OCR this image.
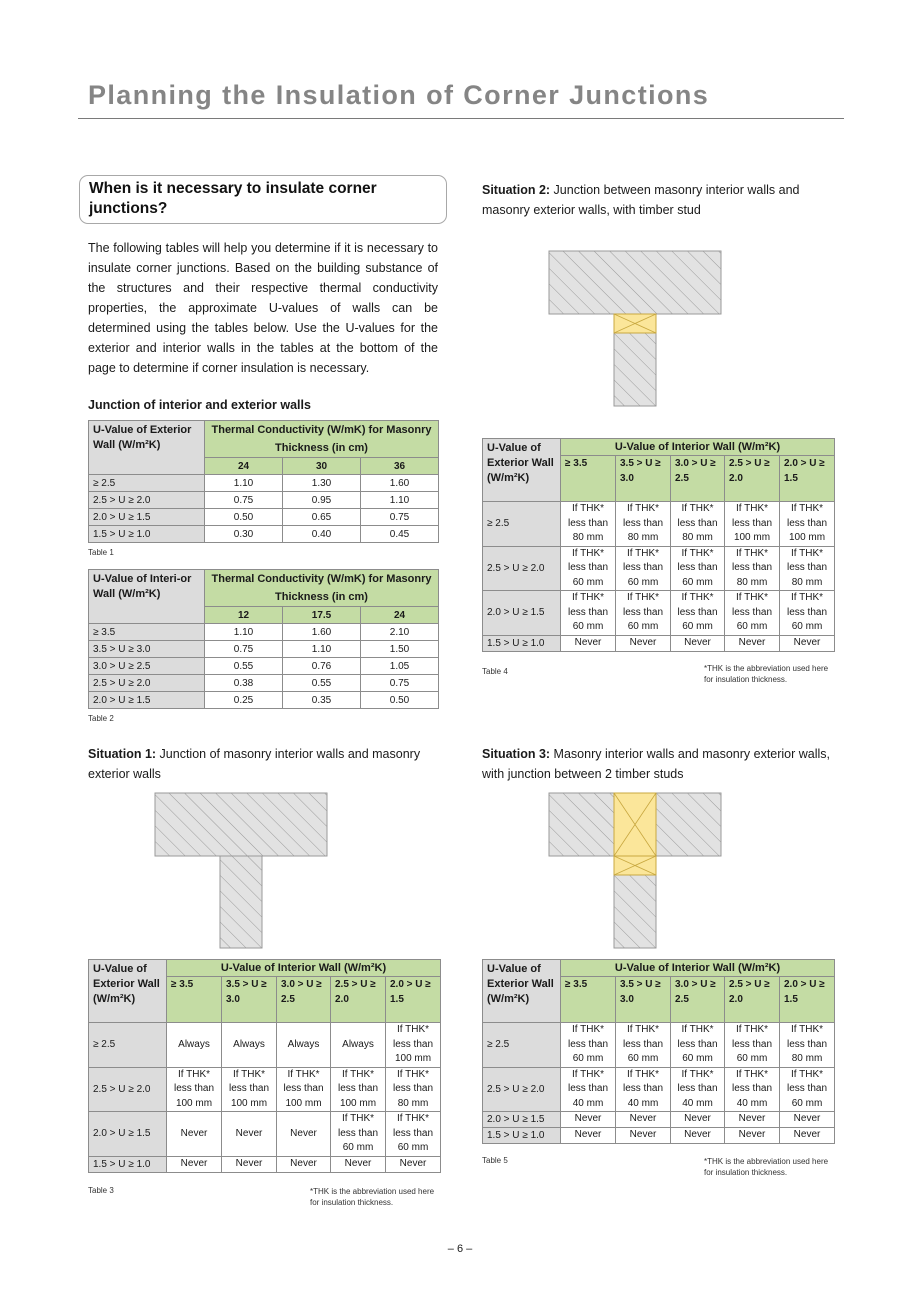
Planning the Insulation of Corner Junctions
When is it necessary to insulate corner junctions?
The following tables will help you determine if it is necessary to insulate corner junctions. Based on the building substance of the structures and their respective thermal conductivity properties, the approximate U-values of walls can be determined using the tables below. Use the U-values for the exterior and interior walls in the tables at the bottom of the page to determine if corner insulation is necessary.
Junction of interior and exterior walls
U-Value of Exterior Wall (W/m²K)	Thermal Conductivity (W/mK) for Masonry Thickness (in cm)		
	24	30	36
≥ 2.5	1.10	1.30	1.60
2.5 > U ≥ 2.0	0.75	0.95	1.10
2.0 > U ≥ 1.5	0.50	0.65	0.75
1.5 > U ≥ 1.0	0.30	0.40	0.45
Table 1
U-Value of Interi-or Wall (W/m²K)	Thermal Conductivity (W/mK) for Masonry Thickness (in cm)		
	12	17.5	24
≥ 3.5	1.10	1.60	2.10
3.5 > U ≥ 3.0	0.75	1.10	1.50
3.0 > U ≥ 2.5	0.55	0.76	1.05
2.5 > U ≥ 2.0	0.38	0.55	0.75
2.0 > U ≥ 1.5	0.25	0.35	0.50
Table 2
Situation 1: Junction of masonry interior walls and masonry exterior walls
U-Value of Exterior Wall (W/m²K)	U-Value of Interior Wall (W/m²K)				
	≥ 3.5	3.5 > U ≥ 3.0	3.0 > U ≥ 2.5	2.5 > U ≥ 2.0	2.0 > U ≥ 1.5
≥ 2.5	Always	Always	Always	Always	If THK* less than 100 mm
2.5 > U ≥ 2.0	If THK* less than 100 mm	If THK* less than 100 mm	If THK* less than 100 mm	If THK* less than 100 mm	If THK* less than 80 mm
2.0 > U ≥ 1.5	Never	Never	Never	If THK* less than 60 mm	If THK* less than 60 mm
1.5 > U ≥ 1.0	Never	Never	Never	Never	Never
Table 3	*THK is the abbreviation used here for insulation thickness.
Situation 2: Junction between masonry interior walls and masonry exterior walls, with timber stud
U-Value of Exterior Wall (W/m²K)	U-Value of Interior Wall (W/m²K)				
	≥ 3.5	3.5 > U ≥ 3.0	3.0 > U ≥ 2.5	2.5 > U ≥ 2.0	2.0 > U ≥ 1.5
≥ 2.5	If THK* less than 80 mm	If THK* less than 80 mm	If THK* less than 80 mm	If THK* less than 100 mm	If THK* less than 100 mm
2.5 > U ≥ 2.0	If THK* less than 60 mm	If THK* less than 60 mm	If THK* less than 60 mm	If THK* less than 80 mm	If THK* less than 80 mm
2.0 > U ≥ 1.5	If THK* less than 60 mm	If THK* less than 60 mm	If THK* less than 60 mm	If THK* less than 60 mm	If THK* less than 60 mm
1.5 > U ≥ 1.0	Never	Never	Never	Never	Never
Table 4	*THK is the abbreviation used here for insulation thickness.
Situation 3: Masonry interior walls and masonry exterior walls, with junction between 2 timber studs
U-Value of Exterior Wall (W/m²K)	U-Value of Interior Wall (W/m²K)				
	≥ 3.5	3.5 > U ≥ 3.0	3.0 > U ≥ 2.5	2.5 > U ≥ 2.0	2.0 > U ≥ 1.5
≥ 2.5	If THK* less than 60 mm	If THK* less than 60 mm	If THK* less than 60 mm	If THK* less than 60 mm	If THK* less than 80 mm
2.5 > U ≥ 2.0	If THK* less than 40 mm	If THK* less than 40 mm	If THK* less than 40 mm	If THK* less than 40 mm	If THK* less than 60 mm
2.0 > U ≥ 1.5	Never	Never	Never	Never	Never
1.5 > U ≥ 1.0	Never	Never	Never	Never	Never
Table 5	*THK is the abbreviation used here for insulation thickness.
– 6 –
